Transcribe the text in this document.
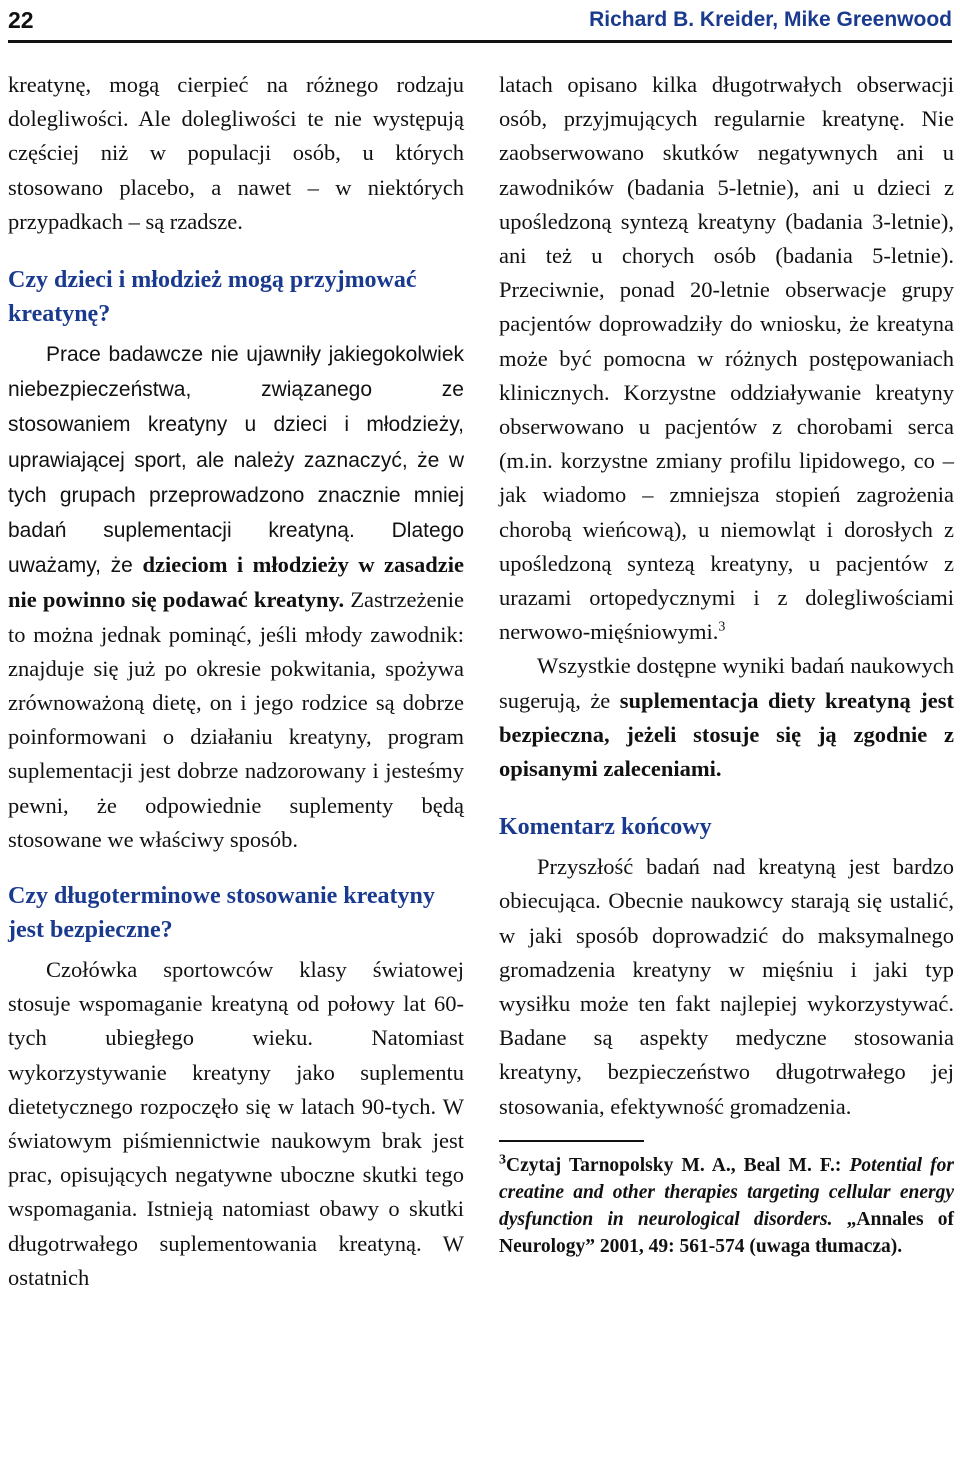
22	Richard B. Kreider, Mike Greenwood

kreatynę, mogą cierpieć na różnego rodzaju dolegliwości. Ale dolegliwości te nie występują częściej niż w populacji osób, u których stosowano placebo, a nawet – w niektórych przypadkach – są rzadsze.

Czy dzieci i młodzież mogą przyjmować kreatynę?

Prace badawcze nie ujawniły jakiegokolwiek niebezpieczeństwa, związanego ze stosowaniem kreatyny u dzieci i młodzieży, uprawiającej sport, ale należy zaznaczyć, że w tych grupach przeprowadzono znacznie mniej badań suplementacji kreatyną. Dlatego uważamy, że dzieciom i młodzieży w zasadzie nie powinno się podawać kreatyny. Zastrzeżenie to można jednak pominąć, jeśli młody zawodnik: znajduje się już po okresie pokwitania, spożywa zrównoważoną dietę, on i jego rodzice są dobrze poinformowani o działaniu kreatyny, program suplementacji jest dobrze nadzorowany i jesteśmy pewni, że odpowiednie suplementy będą stosowane we właściwy sposób.

Czy długoterminowe stosowanie kreatyny jest bezpieczne?

Czołówka sportowców klasy światowej stosuje wspomaganie kreatyną od połowy lat 60-tych ubiegłego wieku. Natomiast wykorzystywanie kreatyny jako suplementu dietetycznego rozpoczęło się w latach 90-tych. W światowym piśmiennictwie naukowym brak jest prac, opisujących negatywne uboczne skutki tego wspomagania. Istnieją natomiast obawy o skutki długotrwałego suplementowania kreatyną. W ostatnich

latach opisano kilka długotrwałych obserwacji osób, przyjmujących regularnie kreatynę. Nie zaobserwowano skutków negatywnych ani u zawodników (badania 5-letnie), ani u dzieci z upośledzoną syntezą kreatyny (badania 3-letnie), ani też u chorych osób (badania 5-letnie). Przeciwnie, ponad 20-letnie obserwacje grupy pacjentów doprowadziły do wniosku, że kreatyna może być pomocna w różnych postępowaniach klinicznych. Korzystne oddziaływanie kreatyny obserwowano u pacjentów z chorobami serca (m.in. korzystne zmiany profilu lipidowego, co – jak wiadomo – zmniejsza stopień zagrożenia chorobą wieńcową), u niemowląt i dorosłych z upośledzoną syntezą kreatyny, u pacjentów z urazami ortopedycznymi i z dolegliwościami nerwowo-mięśniowymi.$^3$

Wszystkie dostępne wyniki badań naukowych sugerują, że suplementacja diety kreatyną jest bezpieczna, jeżeli stosuje się ją zgodnie z opisanymi zaleceniami.

Komentarz końcowy

Przyszłość badań nad kreatyną jest bardzo obiecująca. Obecnie naukowcy starają się ustalić, w jaki sposób doprowadzić do maksymalnego gromadzenia kreatyny w mięśniu i jaki typ wysiłku może ten fakt najlepiej wykorzystywać. Badane są aspekty medyczne stosowania kreatyny, bezpieczeństwo długotrwałego jej stosowania, efektywność gromadzenia.

$^3$Czytaj Tarnopolsky M. A., Beal M. F.: Potential for creatine and other therapies targeting cellular energy dysfunction in neurological disorders. „Annales of Neurology” 2001, 49: 561-574 (uwaga tłumacza).
